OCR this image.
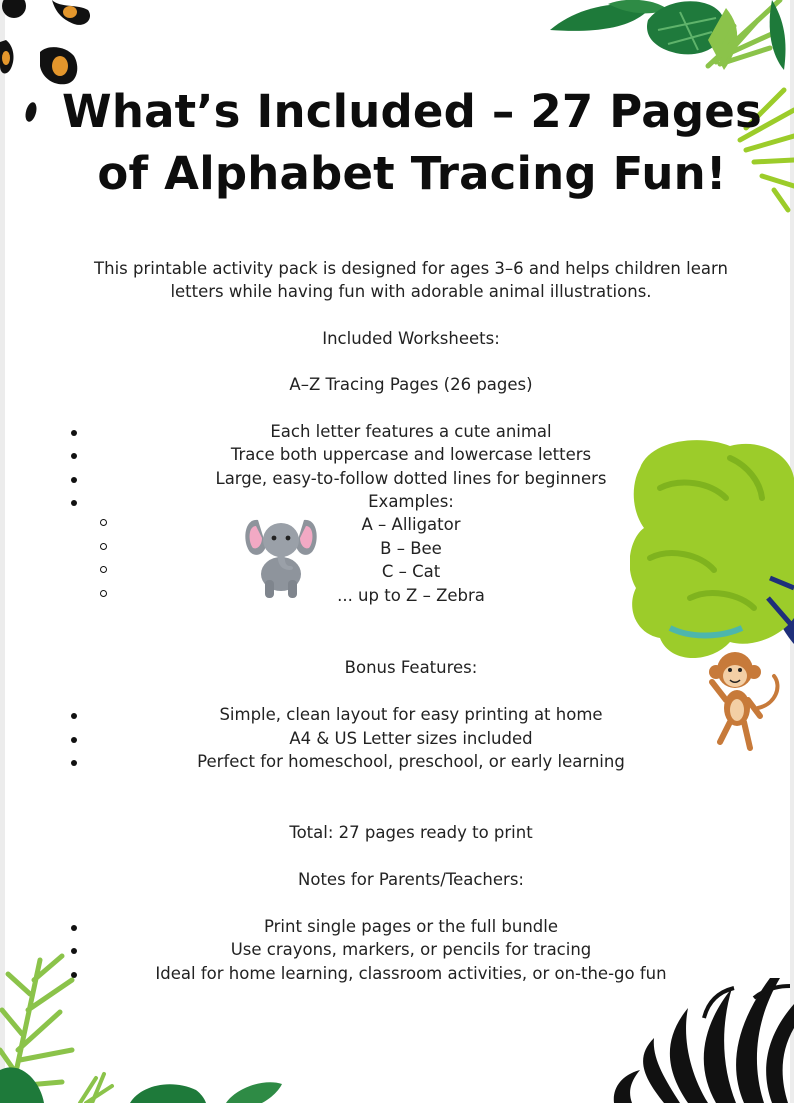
What’s Included – 27 Pages
of Alphabet Tracing Fun!
This printable activity pack is designed for ages 3–6 and helps children learn
letters while having fun with adorable animal illustrations.
Included Worksheets:
A–Z Tracing Pages (26 pages)
Each letter features a cute animal
Trace both uppercase and lowercase letters
Large, easy-to-follow dotted lines for beginners
Examples:
A – Alligator
B – Bee
C – Cat
... up to Z – Zebra
Bonus Features:
Simple, clean layout for easy printing at home
A4 & US Letter sizes included
Perfect for homeschool, preschool, or early learning
Total: 27 pages ready to print
Notes for Parents/Teachers:
Print single pages or the full bundle
Use crayons, markers, or pencils for tracing
Ideal for home learning, classroom activities, or on-the-go fun
